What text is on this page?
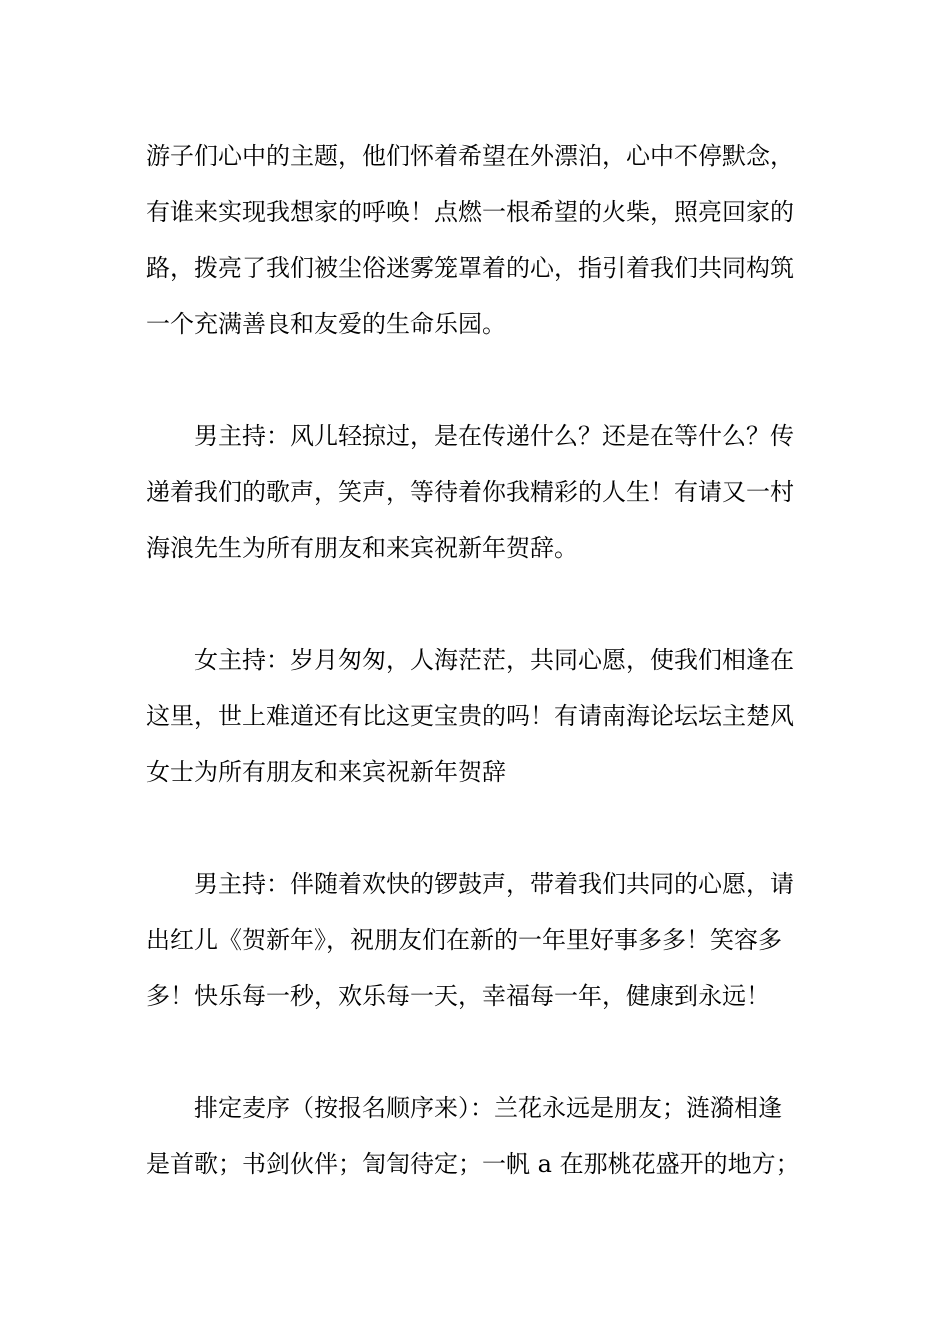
游子们心中的主题，他们怀着希望在外漂泊，心中不停默念，
有谁来实现我想家的呼唤！点燃一根希望的火柴，照亮回家的
路，拨亮了我们被尘俗迷雾笼罩着的心，指引着我们共同构筑
一个充满善良和友爱的生命乐园。
男主持：风儿轻掠过，是在传递什么？还是在等什么？传
递着我们的歌声，笑声，等待着你我精彩的人生！有请又一村
海浪先生为所有朋友和来宾祝新年贺辞。
女主持：岁月匆匆，人海茫茫，共同心愿，使我们相逢在
这里，世上难道还有比这更宝贵的吗！有请南海论坛坛主楚风
女士为所有朋友和来宾祝新年贺辞
男主持：伴随着欢快的锣鼓声，带着我们共同的心愿，请
出红儿《贺新年》，祝朋友们在新的一年里好事多多！笑容多
多！快乐每一秒，欢乐每一天，幸福每一年，健康到永远！
排定麦序（按报名顺序来）：兰花永远是朋友；涟漪相逢
是首歌；书剑伙伴；訇訇待定；一帆 a 在那桃花盛开的地方；
